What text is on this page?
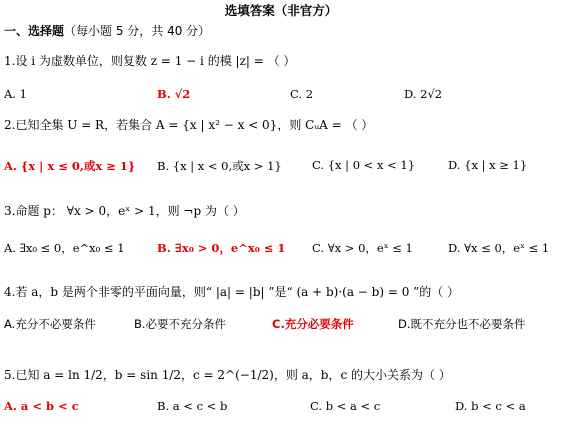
选填答案（非官方）
一、选择题（每小题 5 分，共 40 分）
1.设 i 为虚数单位，则复数 z = 1 − i 的模 |z| = （ ）
A. 1	B. √2	C. 2	D. 2√2
2.已知全集 U = R，若集合 A = {x | x² − x < 0}，则 CᵤA = （ ）
A. {x | x ≤ 0,或x ≥ 1} B. {x | x < 0,或x > 1}	C. {x | 0 < x < 1}	D. {x | x ≥ 1}
3.命题 p： ∀x > 0，eˣ > 1，则 ¬p 为（ ）
A. ∃x₀ ≤ 0，e^x₀ ≤ 1	B. ∃x₀ > 0，e^x₀ ≤ 1 C. ∀x > 0，eˣ ≤ 1	D. ∀x ≤ 0，eˣ ≤ 1
4.若 a，b 是两个非零的平面向量，则“ |a| = |b| ”是“ (a + b)·(a − b) = 0 ”的（ ）
A.充分不必要条件	B.必要不充分条件	C.充分必要条件	D.既不充分也不必要条件
5.已知 a = ln 1/2，b = sin 1/2，c = 2^(−1/2)，则 a，b，c 的大小关系为（ ）
A. a < b < c	B. a < c < b	C. b < a < c	D. b < c < a
